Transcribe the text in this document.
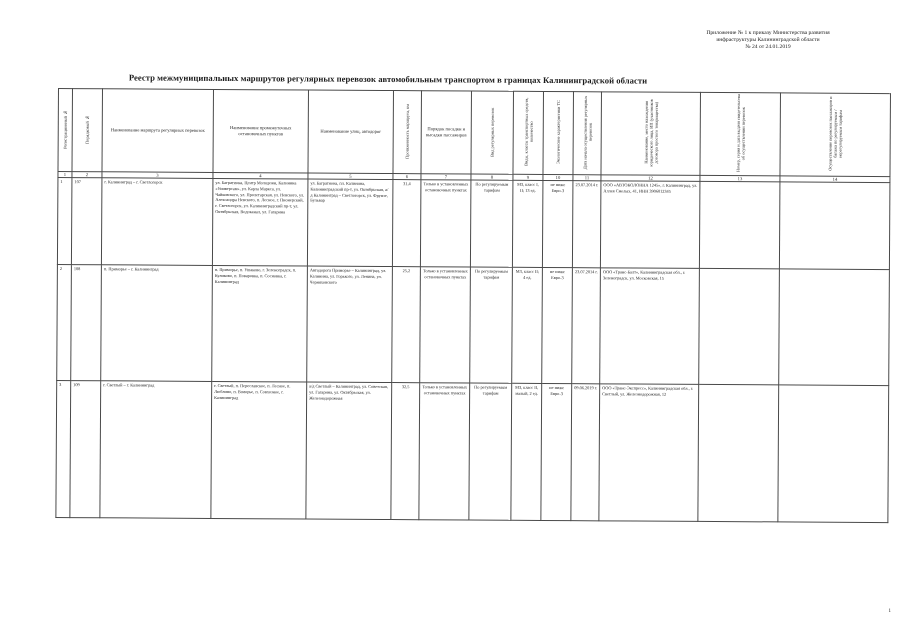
Приложение № 1 к приказу Министерства развития
инфраструктуры Калининградской области
№ 24 от 24.01.2019
Реестр межмуниципальных маршрутов регулярных перевозок автомобильным транспортом в границах Калининградской области
Регистрационный №	Порядковый №	Наименование маршрута регулярных перевозок	Наименование промежуточных остановочных пунктов	Наименование улиц, автодорог	Протяженность маршрута, км	Порядок посадки и высадки пассажиров	Вид регулярных перевозок	Виды, классы транспортных средств, количество	Экологические характеристики ТС	Дата начала осуществления регулярных перевозок	Наименование, место нахождения юридического лица, ИП (участников договора простого товарищества)	Номер, серия и дата выдачи свидетельства об осуществлении перевозок	Осуществление перевозок пассажиров и багажа по регулируемым / нерегулируемым тарифам
1	2	3	4	5	6	7	8	9	10	11	12	13	14
1	107	г. Калининград – г. Светлогорск	ул. Багратиона, Центр Молодежи, Калинина «Универсам», ул. Карла Маркса, ул. Чайковского, ул. Пролетарская, ул. Невского, ул. Александра Невского, п. Лесное, г. Пионерский, г. Светлогорск, ул. Калининградский пр-т, ул. Октябрьская, Водоканал, ул. Гагарина	ул. Багратиона, пл. Калинина, Калининградский пр-т, ул. Октябрьская, а/д Калининград – Светлогорск, ул. Фрунзе, Бульвар	31,4	Только в установленных остановочных пунктах	По регулируемым тарифам	М3, класс I, II; 13 ед.	не ниже Евро-3	23.07.2014 г.	ООО «АВТОКОЛОННА 1245», г. Калининград, ул. Аллея Смелых, 41, ИНН 3906012345		
2	108	п. Приморье – г. Калининград	п. Приморье, п. Ушаково, г. Зеленоградск, п. Куликово, п. Поваровка, п. Сосновка, г. Калининград	Автодорога Приморье – Калининград, ул. Калинина, ул. Горького, ул. Ленина, ул. Черняховского	25,2	Только в установленных остановочных пунктах	По регулируемым тарифам	М3, класс II; 4 ед.	не ниже Евро-3	23.07.2014 г.	ООО «Транс-Балт», Калининградская обл., г. Зеленоградск, ул. Московская, 15		
3	109	г. Светлый – г. Калининград	г. Светлый, п. Переславское, п. Лесное, п. Люблино, п. Взморье, п. Совхозное, г. Калининград	а/д Светлый – Калининград, ул. Советская, ул. Гагарина, ул. Октябрьская, ул. Железнодорожная	32,5	Только в установленных остановочных пунктах	По регулируемым тарифам	М3, класс II, малый, 2 ед.	не ниже Евро-3	09.06.2019 г.	ООО «Транс-Экспресс», Калининградская обл., г. Светлый, ул. Железнодорожная, 12		
1
